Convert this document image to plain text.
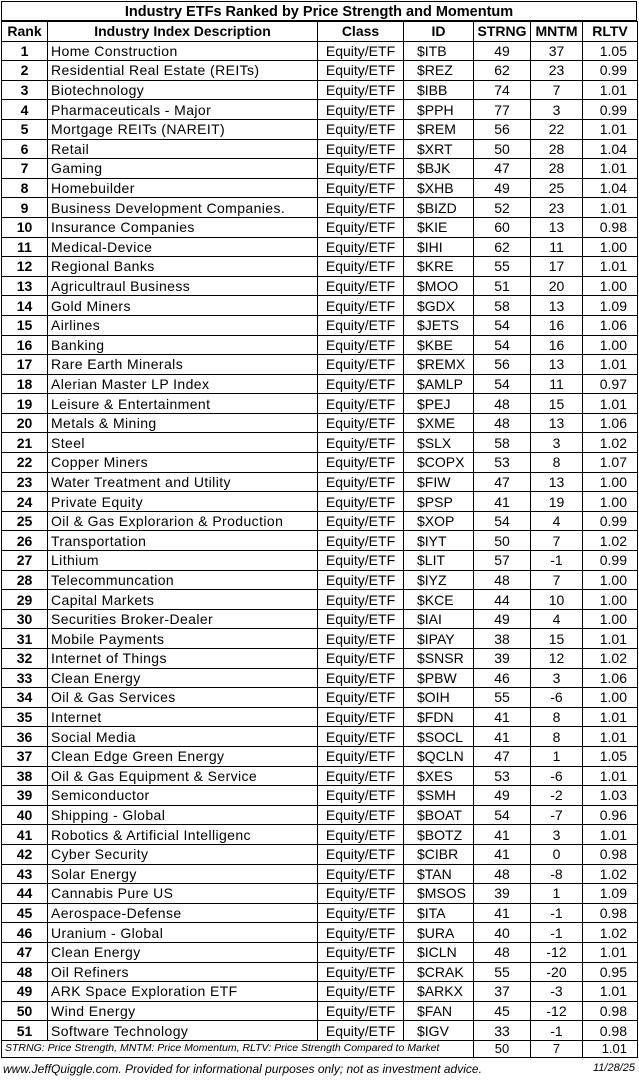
Industry ETFs Ranked by Price Strength and Momentum
Rank	Industry Index Description	Class	ID	STRNG	MNTM	RLTV
1	Home Construction	Equity/ETF	$ITB	49	37	1.05
2	Residential Real Estate (REITs)	Equity/ETF	$REZ	62	23	0.99
3	Biotechnology	Equity/ETF	$IBB	74	7	1.01
4	Pharmaceuticals - Major	Equity/ETF	$PPH	77	3	0.99
5	Mortgage REITs (NAREIT)	Equity/ETF	$REM	56	22	1.01
6	Retail	Equity/ETF	$XRT	50	28	1.04
7	Gaming	Equity/ETF	$BJK	47	28	1.01
8	Homebuilder	Equity/ETF	$XHB	49	25	1.04
9	Business Development Companies.	Equity/ETF	$BIZD	52	23	1.01
10	Insurance Companies	Equity/ETF	$KIE	60	13	0.98
11	Medical-Device	Equity/ETF	$IHI	62	11	1.00
12	Regional Banks	Equity/ETF	$KRE	55	17	1.01
13	Agricultraul Business	Equity/ETF	$MOO	51	20	1.00
14	Gold Miners	Equity/ETF	$GDX	58	13	1.09
15	Airlines	Equity/ETF	$JETS	54	16	1.06
16	Banking	Equity/ETF	$KBE	54	16	1.00
17	Rare Earth Minerals	Equity/ETF	$REMX	56	13	1.01
18	Alerian Master LP Index	Equity/ETF	$AMLP	54	11	0.97
19	Leisure & Entertainment	Equity/ETF	$PEJ	48	15	1.01
20	Metals & Mining	Equity/ETF	$XME	48	13	1.06
21	Steel	Equity/ETF	$SLX	58	3	1.02
22	Copper Miners	Equity/ETF	$COPX	53	8	1.07
23	Water Treatment and Utility	Equity/ETF	$FIW	47	13	1.00
24	Private Equity	Equity/ETF	$PSP	41	19	1.00
25	Oil & Gas Explorarion & Production	Equity/ETF	$XOP	54	4	0.99
26	Transportation	Equity/ETF	$IYT	50	7	1.02
27	Lithium	Equity/ETF	$LIT	57	-1	0.99
28	Telecommuncation	Equity/ETF	$IYZ	48	7	1.00
29	Capital Markets	Equity/ETF	$KCE	44	10	1.00
30	Securities Broker-Dealer	Equity/ETF	$IAI	49	4	1.00
31	Mobile Payments	Equity/ETF	$IPAY	38	15	1.01
32	Internet of Things	Equity/ETF	$SNSR	39	12	1.02
33	Clean Energy	Equity/ETF	$PBW	46	3	1.06
34	Oil & Gas Services	Equity/ETF	$OIH	55	-6	1.00
35	Internet	Equity/ETF	$FDN	41	8	1.01
36	Social Media	Equity/ETF	$SOCL	41	8	1.01
37	Clean Edge Green Energy	Equity/ETF	$QCLN	47	1	1.05
38	Oil & Gas Equipment & Service	Equity/ETF	$XES	53	-6	1.01
39	Semiconductor	Equity/ETF	$SMH	49	-2	1.03
40	Shipping - Global	Equity/ETF	$BOAT	54	-7	0.96
41	Robotics & Artificial Intelligenc	Equity/ETF	$BOTZ	41	3	1.01
42	Cyber Security	Equity/ETF	$CIBR	41	0	0.98
43	Solar Energy	Equity/ETF	$TAN	48	-8	1.02
44	Cannabis Pure US	Equity/ETF	$MSOS	39	1	1.09
45	Aerospace-Defense	Equity/ETF	$ITA	41	-1	0.98
46	Uranium - Global	Equity/ETF	$URA	40	-1	1.02
47	Clean Energy	Equity/ETF	$ICLN	48	-12	1.01
48	Oil Refiners	Equity/ETF	$CRAK	55	-20	0.95
49	ARK Space Exploration ETF	Equity/ETF	$ARKX	37	-3	1.01
50	Wind Energy	Equity/ETF	$FAN	45	-12	0.98
51	Software Technology	Equity/ETF	$IGV	33	-1	0.98
STRNG: Price Strength, MNTM: Price Momentum, RLTV: Price Strength Compared to Market				50	7	1.01
www.JeffQuiggle.com. Provided for informational purposes only; not as investment advice.	11/28/25
